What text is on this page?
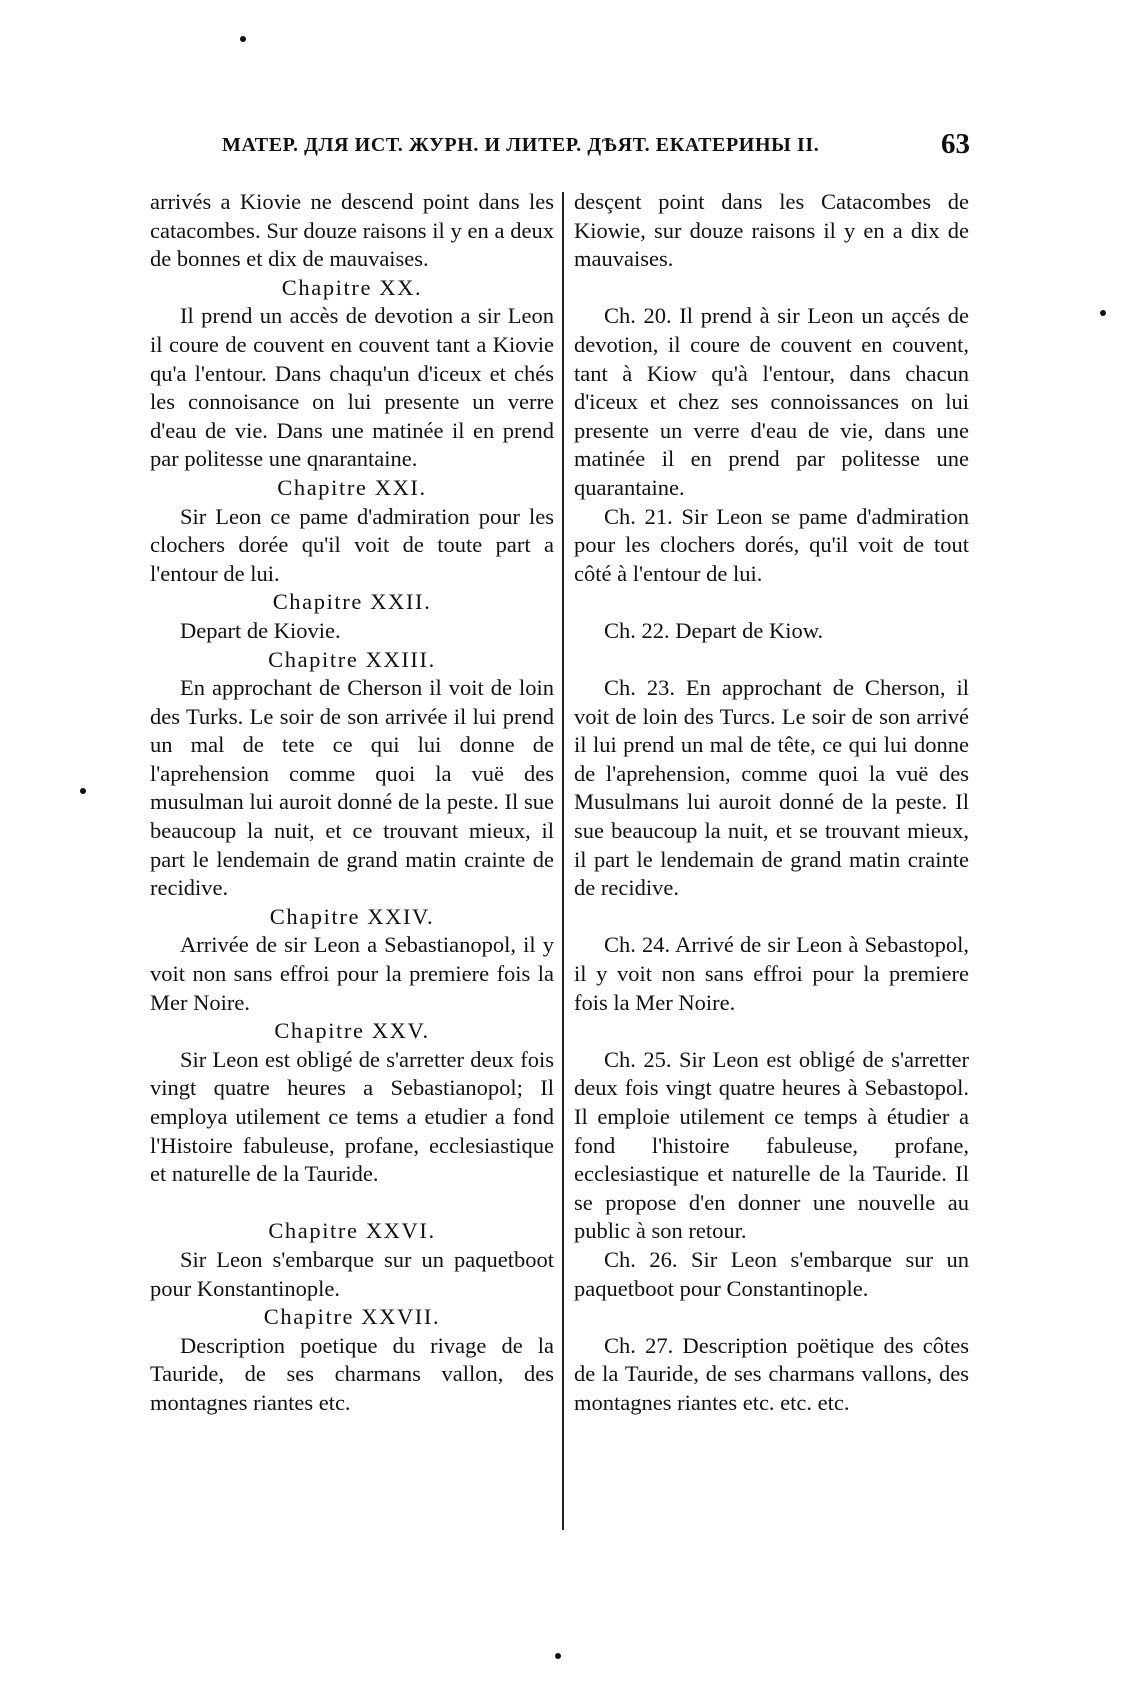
МАТЕР. ДЛЯ ИСТ. ЖУРН. И ЛИТЕР. ДѢЯТ. ЕКАТЕРИНЫ II.	63

arrivés a Kiovie ne descend point dans les catacombes. Sur douze raisons il y en a deux de bonnes et dix de mauvaises.

Chapitre XX.

Il prend un accès de devotion a sir Leon il coure de couvent en couvent tant a Kiovie qu'a l'entour. Dans chaqu'un d'iceux et chés les connoisance on lui presente un verre d'eau de vie. Dans une matinée il en prend par politesse une qnarantaine.

Chapitre XXI.

Sir Leon ce pame d'admiration pour les clochers dorée qu'il voit de toute part a l'entour de lui.

Chapitre XXII.

Depart de Kiovie.

Chapitre XXIII.

En approchant de Cherson il voit de loin des Turks. Le soir de son arrivée il lui prend un mal de tete ce qui lui donne de l'aprehension comme quoi la vuë des musulman lui auroit donné de la peste. Il sue beaucoup la nuit, et ce trouvant mieux, il part le lendemain de grand matin crainte de recidive.

Chapitre XXIV.

Arrivée de sir Leon a Sebastianopol, il y voit non sans effroi pour la premiere fois la Mer Noire.

Chapitre XXV.

Sir Leon est obligé de s'arretter deux fois vingt quatre heures a Sebastianopol; Il employa utilement ce tems a etudier a fond l'Histoire fabuleuse, profane, ecclesiastique et naturelle de la Tauride.

Chapitre XXVI.

Sir Leon s'embarque sur un paquetboot pour Konstantinople.

Chapitre XXVII.

Description poetique du rivage de la Tauride, de ses charmans vallon, des montagnes riantes etc.

desçent point dans les Catacombes de Kiowie, sur douze raisons il y en a dix de mauvaises.

Ch. 20. Il prend à sir Leon un açcés de devotion, il coure de couvent en couvent, tant à Kiow qu'à l'entour, dans chacun d'iceux et chez ses connoissances on lui presente un verre d'eau de vie, dans une matinée il en prend par politesse une quarantaine.

Ch. 21. Sir Leon se pame d'admiration pour les clochers dorés, qu'il voit de tout côté à l'entour de lui.

Ch. 22. Depart de Kiow.

Ch. 23. En approchant de Cherson, il voit de loin des Turcs. Le soir de son arrivé il lui prend un mal de tête, ce qui lui donne de l'aprehension, comme quoi la vuë des Musulmans lui auroit donné de la peste. Il sue beaucoup la nuit, et se trouvant mieux, il part le lendemain de grand matin crainte de recidive.

Ch. 24. Arrivé de sir Leon à Sebastopol, il y voit non sans effroi pour la premiere fois la Mer Noire.

Ch. 25. Sir Leon est obligé de s'arretter deux fois vingt quatre heures à Sebastopol. Il emploie utilement ce temps à étudier a fond l'histoire fabuleuse, profane, ecclesiastique et naturelle de la Tauride. Il se propose d'en donner une nouvelle au public à son retour.

Ch. 26. Sir Leon s'embarque sur un paquetboot pour Constantinople.

Ch. 27. Description poëtique des côtes de la Tauride, de ses charmans vallons, des montagnes riantes etc. etc. etc.
